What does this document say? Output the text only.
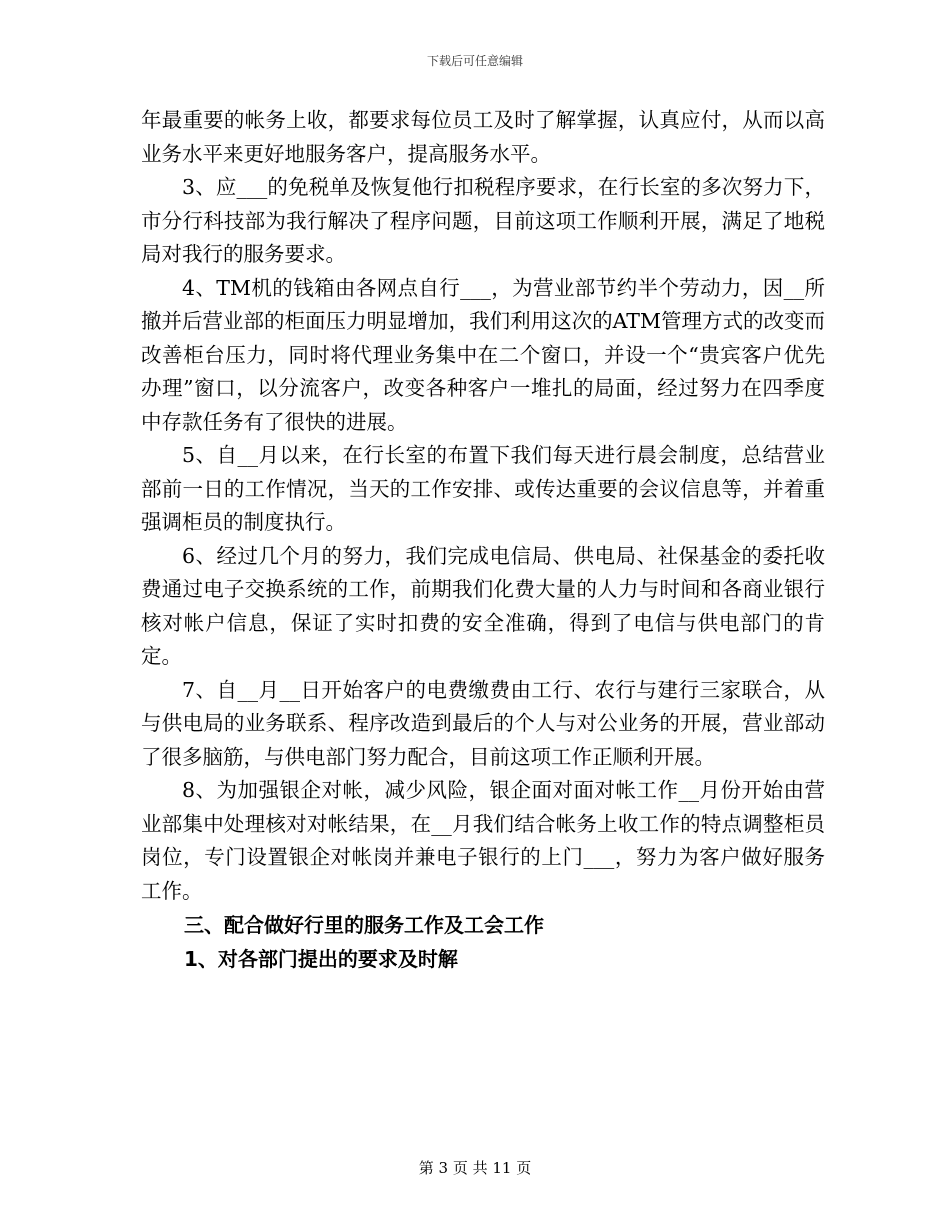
下载后可任意编辑

年最重要的帐务上收，都要求每位员工及时了解掌握，认真应付，从而以高业务水平来更好地服务客户，提高服务水平。

3、应___的免税单及恢复他行扣税程序要求，在行长室的多次努力下，市分行科技部为我行解决了程序问题，目前这项工作顺利开展，满足了地税局对我行的服务要求。

4、TM机的钱箱由各网点自行___，为营业部节约半个劳动力，因__所撤并后营业部的柜面压力明显增加，我们利用这次的ATM管理方式的改变而改善柜台压力，同时将代理业务集中在二个窗口，并设一个“贵宾客户优先办理”窗口，以分流客户，改变各种客户一堆扎的局面，经过努力在四季度中存款任务有了很快的进展。

5、自__月以来，在行长室的布置下我们每天进行晨会制度，总结营业部前一日的工作情况，当天的工作安排、或传达重要的会议信息等，并着重强调柜员的制度执行。

6、经过几个月的努力，我们完成电信局、供电局、社保基金的委托收费通过电子交换系统的工作，前期我们化费大量的人力与时间和各商业银行核对帐户信息，保证了实时扣费的安全准确，得到了电信与供电部门的肯定。

7、自__月__日开始客户的电费缴费由工行、农行与建行三家联合，从与供电局的业务联系、程序改造到最后的个人与对公业务的开展，营业部动了很多脑筋，与供电部门努力配合，目前这项工作正顺利开展。

8、为加强银企对帐，减少风险，银企面对面对帐工作__月份开始由营业部集中处理核对对帐结果，在__月我们结合帐务上收工作的特点调整柜员岗位，专门设置银企对帐岗并兼电子银行的上门___，努力为客户做好服务工作。

三、配合做好行里的服务工作及工会工作

1、对各部门提出的要求及时解

第 3 页 共 11 页
